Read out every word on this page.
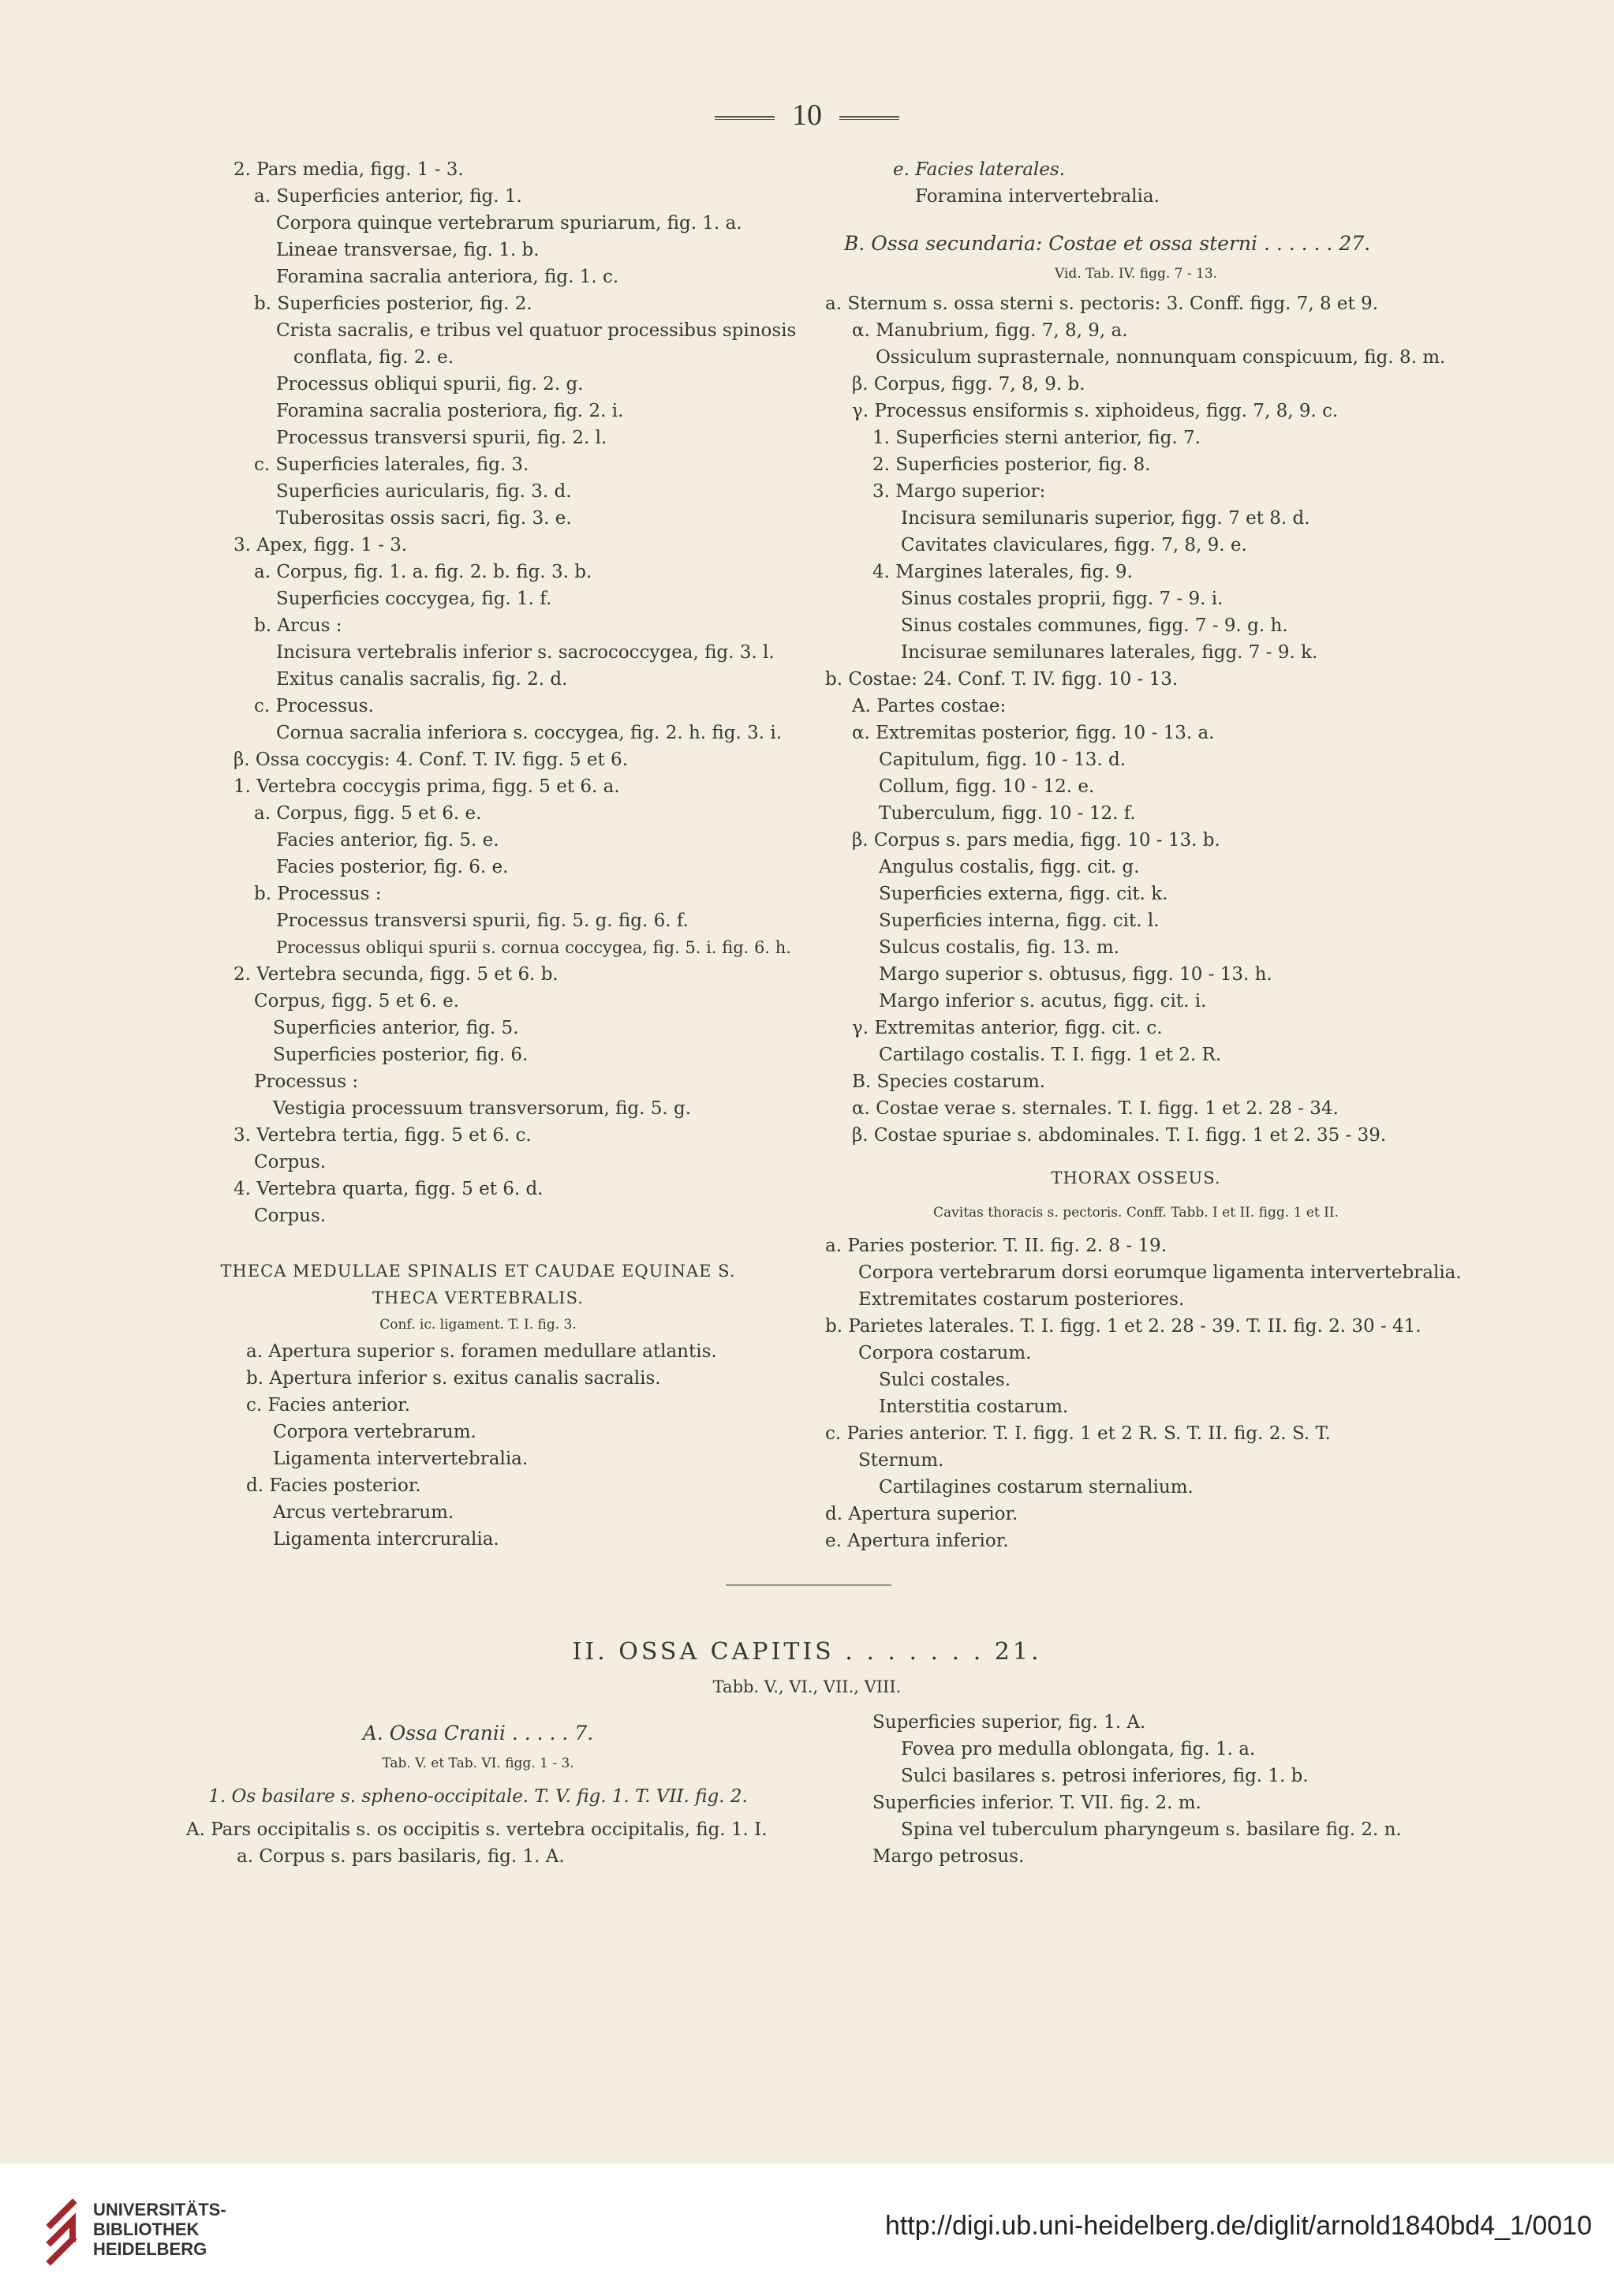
10
2. Pars media, figg. 1 - 3.
a. Superficies anterior, fig. 1.
Corpora quinque vertebrarum spuriarum, fig. 1. a.
Lineae transversae, fig. 1. b.
Foramina sacralia anteriora, fig. 1. c.
b. Superficies posterior, fig. 2.
Crista sacralis, e tribus vel quatuor processibus spinosis
conflata, fig. 2. e.
Processus obliqui spurii, fig. 2. g.
Foramina sacralia posteriora, fig. 2. i.
Processus transversi spurii, fig. 2. l.
c. Superficies laterales, fig. 3.
Superficies auricularis, fig. 3. d.
Tuberositas ossis sacri, fig. 3. e.
3. Apex, figg. 1 - 3.
a. Corpus, fig. 1. a. fig. 2. b. fig. 3. b.
Superficies coccygea, fig. 1. f.
b. Arcus :
Incisura vertebralis inferior s. sacrococcygea, fig. 3. l.
Exitus canalis sacralis, fig. 2. d.
c. Processus.
Cornua sacralia inferiora s. coccygea, fig. 2. h. fig. 3. i.
β. Ossa coccygis: 4. Conf. T. IV. figg. 5 et 6.
1. Vertebra coccygis prima, figg. 5 et 6. a.
a. Corpus, figg. 5 et 6. e.
Facies anterior, fig. 5. e.
Facies posterior, fig. 6. e.
b. Processus :
Processus transversi spurii, fig. 5. g. fig. 6. f.
Processus obliqui spurii s. cornua coccygea, fig. 5. i. fig. 6. h.
2. Vertebra secunda, figg. 5 et 6. b.
Corpus, figg. 5 et 6. e.
Superficies anterior, fig. 5.
Superficies posterior, fig. 6.
Processus :
Vestigia processuum transversorum, fig. 5. g.
3. Vertebra tertia, figg. 5 et 6. c.
Corpus.
4. Vertebra quarta, figg. 5 et 6. d.
Corpus.
THECA MEDULLAE SPINALIS ET CAUDAE EQUINAE S.
THECA VERTEBRALIS.
Conf. ic. ligament. T. I. fig. 3.
a. Apertura superior s. foramen medullare atlantis.
b. Apertura inferior s. exitus canalis sacralis.
c. Facies anterior.
Corpora vertebrarum.
Ligamenta intervertebralia.
d. Facies posterior.
Arcus vertebrarum.
Ligamenta intercruralia.
e. Facies laterales.
Foramina intervertebralia.
B. Ossa secundaria: Costae et ossa sterni . . . . . . 27.
Vid. Tab. IV. figg. 7 - 13.
a. Sternum s. ossa sterni s. pectoris: 3. Conff. figg. 7, 8 et 9.
α. Manubrium, figg. 7, 8, 9, a.
Ossiculum suprasternale, nonnunquam conspicuum, fig. 8. m.
β. Corpus, figg. 7, 8, 9. b.
γ. Processus ensiformis s. xiphoideus, figg. 7, 8, 9. c.
1. Superficies sterni anterior, fig. 7.
2. Superficies posterior, fig. 8.
3. Margo superior:
Incisura semilunaris superior, figg. 7 et 8. d.
Cavitates claviculares, figg. 7, 8, 9. e.
4. Margines laterales, fig. 9.
Sinus costales proprii, figg. 7 - 9. i.
Sinus costales communes, figg. 7 - 9. g. h.
Incisurae semilunares laterales, figg. 7 - 9. k.
b. Costae: 24. Conf. T. IV. figg. 10 - 13.
A. Partes costae:
α. Extremitas posterior, figg. 10 - 13. a.
Capitulum, figg. 10 - 13. d.
Collum, figg. 10 - 12. e.
Tuberculum, figg. 10 - 12. f.
β. Corpus s. pars media, figg. 10 - 13. b.
Angulus costalis, figg. cit. g.
Superficies externa, figg. cit. k.
Superficies interna, figg. cit. l.
Sulcus costalis, fig. 13. m.
Margo superior s. obtusus, figg. 10 - 13. h.
Margo inferior s. acutus, figg. cit. i.
γ. Extremitas anterior, figg. cit. c.
Cartilago costalis. T. I. figg. 1 et 2. R.
B. Species costarum.
α. Costae verae s. sternales. T. I. figg. 1 et 2. 28 - 34.
β. Costae spuriae s. abdominales. T. I. figg. 1 et 2. 35 - 39.
THORAX OSSEUS.
Cavitas thoracis s. pectoris. Conff. Tabb. I et II. figg. 1 et II.
a. Paries posterior. T. II. fig. 2. 8 - 19.
Corpora vertebrarum dorsi eorumque ligamenta intervertebralia.
Extremitates costarum posteriores.
b. Parietes laterales. T. I. figg. 1 et 2. 28 - 39. T. II. fig. 2. 30 - 41.
Corpora costarum.
Sulci costales.
Interstitia costarum.
c. Paries anterior. T. I. figg. 1 et 2 R. S. T. II. fig. 2. S. T.
Sternum.
Cartilagines costarum sternalium.
d. Apertura superior.
e. Apertura inferior.
II. OSSA CAPITIS . . . . . . . 21.
Tabb. V., VI., VII., VIII.
A. Ossa Cranii . . . . . 7.
Tab. V. et Tab. VI. figg. 1 - 3.
1. Os basilare s. spheno-occipitale. T. V. fig. 1. T. VII. fig. 2.
A. Pars occipitalis s. os occipitis s. vertebra occipitalis, fig. 1. I.
a. Corpus s. pars basilaris, fig. 1. A.
Superficies superior, fig. 1. A.
Fovea pro medulla oblongata, fig. 1. a.
Sulci basilares s. petrosi inferiores, fig. 1. b.
Superficies inferior. T. VII. fig. 2. m.
Spina vel tuberculum pharyngeum s. basilare fig. 2. n.
Margo petrosus.
UNIVERSITÄTS-
BIBLIOTHEK
HEIDELBERG
http://digi.ub.uni-heidelberg.de/diglit/arnold1840bd4_1/0010
